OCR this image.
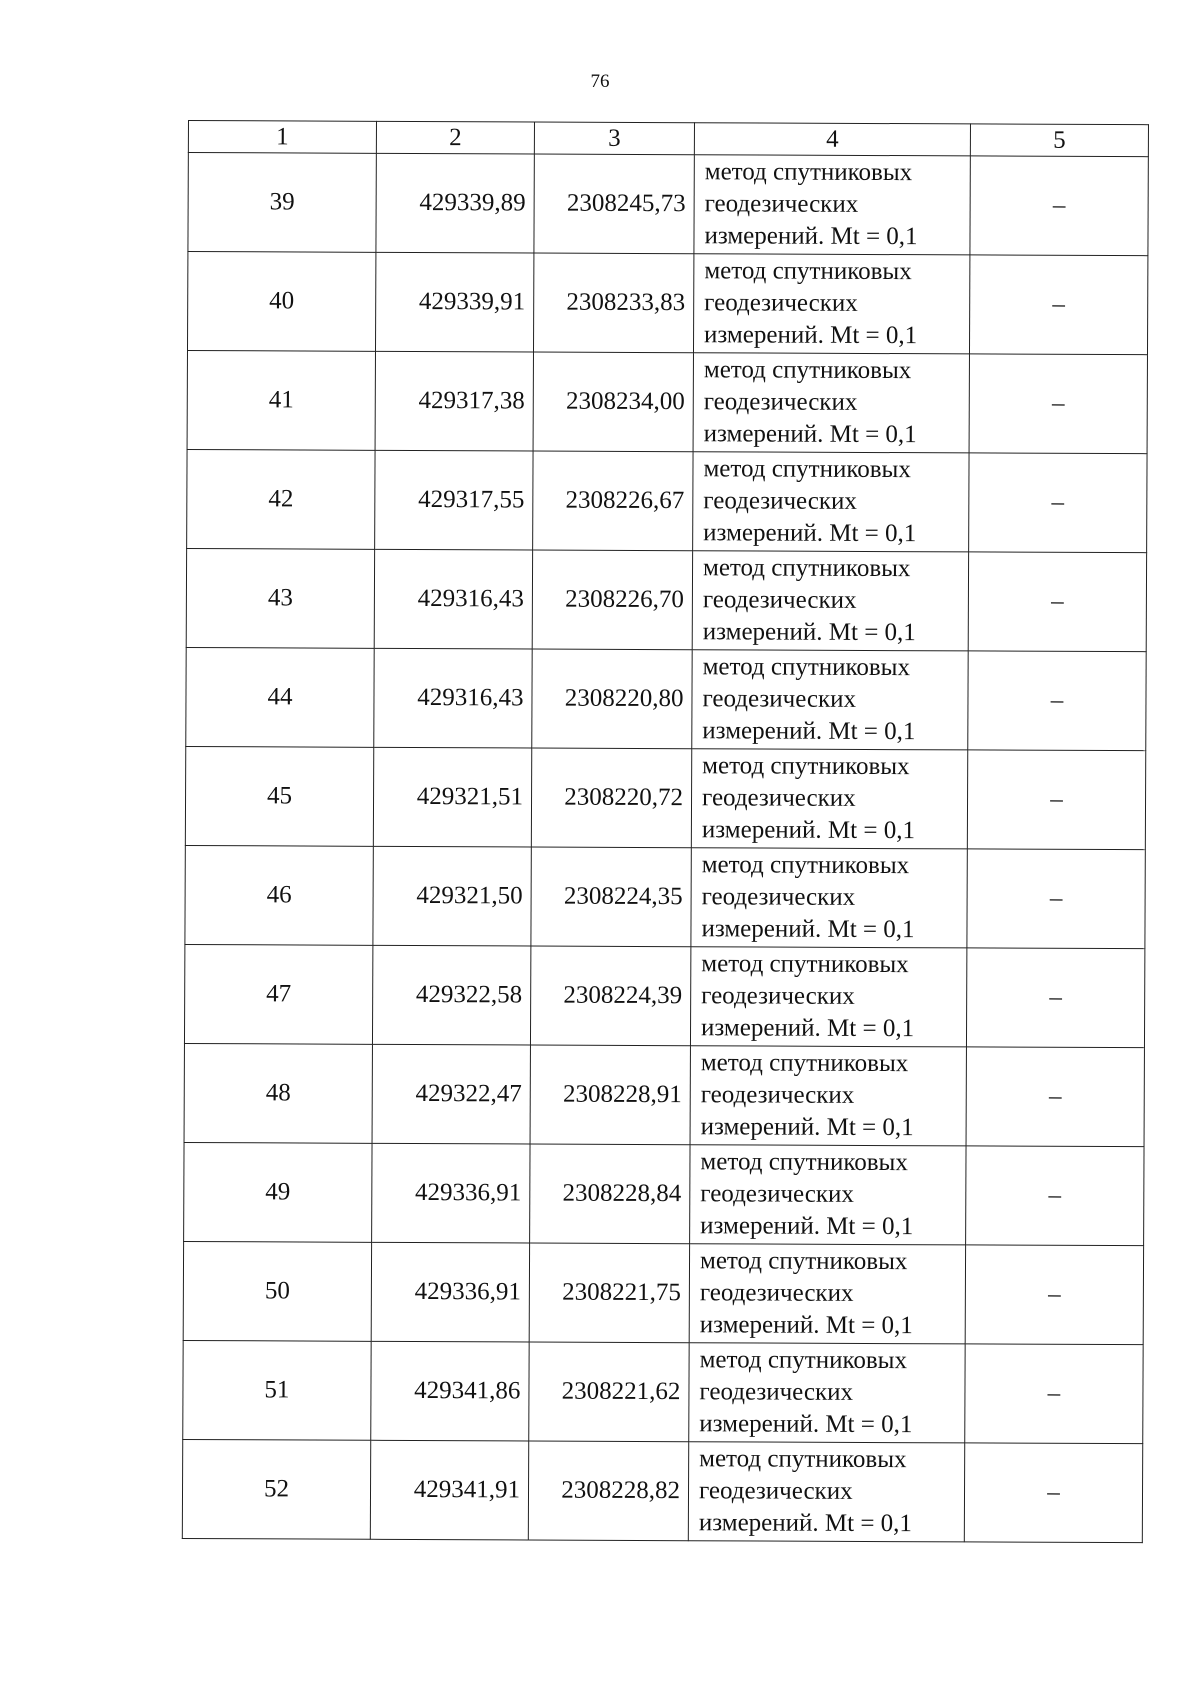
76
1	2	3	4	5
39	429339,89	2308245,73	метод спутниковых
геодезических
измерений. Mt = 0,1	–
40	429339,91	2308233,83	метод спутниковых
геодезических
измерений. Mt = 0,1	–
41	429317,38	2308234,00	метод спутниковых
геодезических
измерений. Mt = 0,1	–
42	429317,55	2308226,67	метод спутниковых
геодезических
измерений. Mt = 0,1	–
43	429316,43	2308226,70	метод спутниковых
геодезических
измерений. Mt = 0,1	–
44	429316,43	2308220,80	метод спутниковых
геодезических
измерений. Mt = 0,1	–
45	429321,51	2308220,72	метод спутниковых
геодезических
измерений. Mt = 0,1	–
46	429321,50	2308224,35	метод спутниковых
геодезических
измерений. Mt = 0,1	–
47	429322,58	2308224,39	метод спутниковых
геодезических
измерений. Mt = 0,1	–
48	429322,47	2308228,91	метод спутниковых
геодезических
измерений. Mt = 0,1	–
49	429336,91	2308228,84	метод спутниковых
геодезических
измерений. Mt = 0,1	–
50	429336,91	2308221,75	метод спутниковых
геодезических
измерений. Mt = 0,1	–
51	429341,86	2308221,62	метод спутниковых
геодезических
измерений. Mt = 0,1	–
52	429341,91	2308228,82	метод спутниковых
геодезических
измерений. Mt = 0,1	–
